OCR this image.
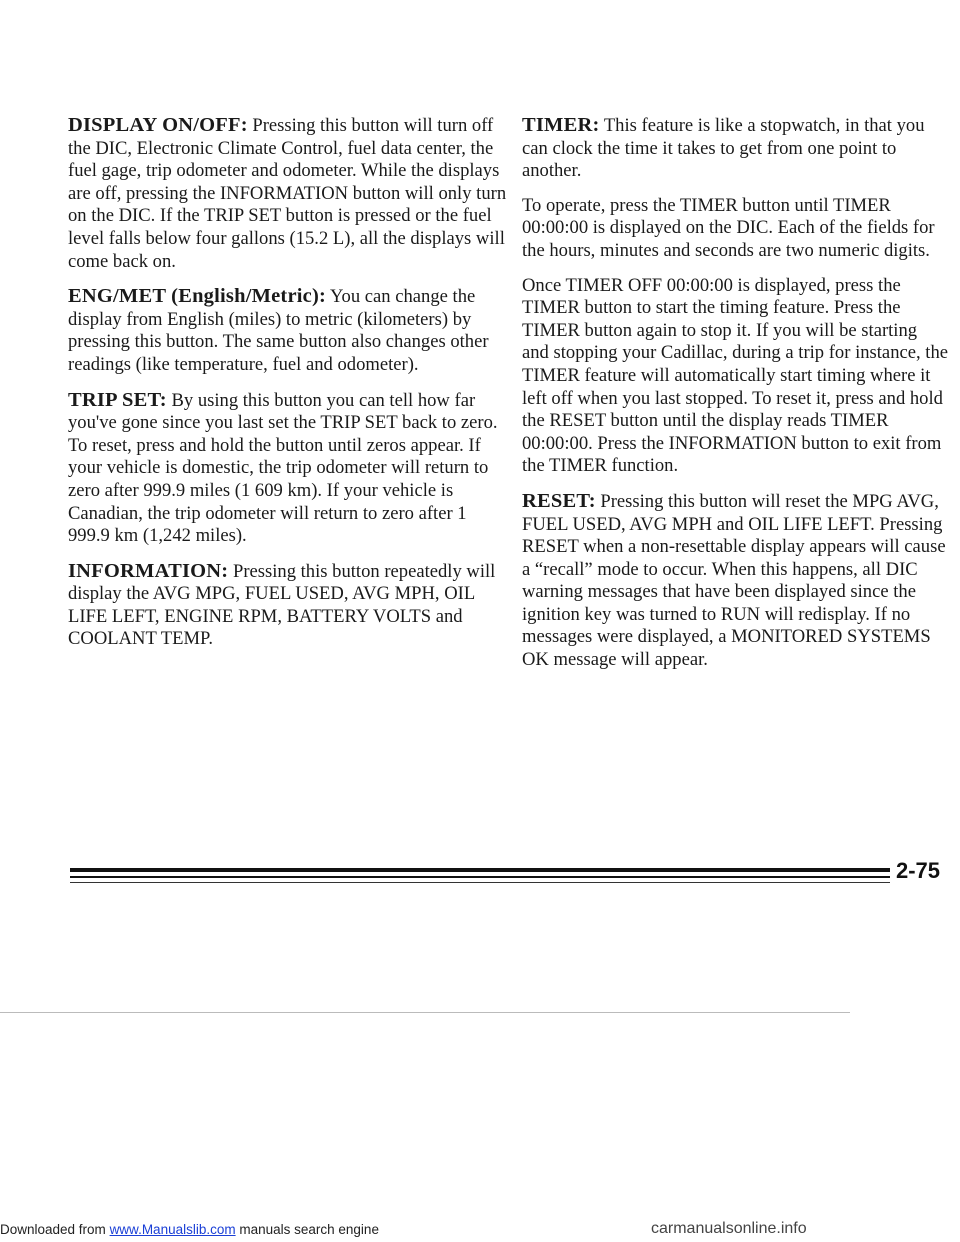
DISPLAY ON/OFF: Pressing this button will turn off the DIC, Electronic Climate Control, fuel data center, the fuel gage, trip odometer and odometer. While the displays are off, pressing the INFORMATION button will only turn on the DIC. If the TRIP SET button is pressed or the fuel level falls below four gallons (15.2 L), all the displays will come back on.

ENG/MET (English/Metric): You can change the display from English (miles) to metric (kilometers) by pressing this button. The same button also changes other readings (like temperature, fuel and odometer).

TRIP SET: By using this button you can tell how far you've gone since you last set the TRIP SET back to zero. To reset, press and hold the button until zeros appear. If your vehicle is domestic, the trip odometer will return to zero after 999.9 miles (1 609 km). If your vehicle is Canadian, the trip odometer will return to zero after 1 999.9 km (1,242 miles).

INFORMATION: Pressing this button repeatedly will display the AVG MPG, FUEL USED, AVG MPH, OIL LIFE LEFT, ENGINE RPM, BATTERY VOLTS and COOLANT TEMP.

TIMER: This feature is like a stopwatch, in that you can clock the time it takes to get from one point to another.

To operate, press the TIMER button until TIMER 00:00:00 is displayed on the DIC. Each of the fields for the hours, minutes and seconds are two numeric digits.

Once TIMER OFF 00:00:00 is displayed, press the TIMER button to start the timing feature. Press the TIMER button again to stop it. If you will be starting and stopping your Cadillac, during a trip for instance, the TIMER feature will automatically start timing where it left off when you last stopped. To reset it, press and hold the RESET button until the display reads TIMER 00:00:00. Press the INFORMATION button to exit from the TIMER function.

RESET: Pressing this button will reset the MPG AVG, FUEL USED, AVG MPH and OIL LIFE LEFT. Pressing RESET when a non-resettable display appears will cause a “recall” mode to occur. When this happens, all DIC warning messages that have been displayed since the ignition key was turned to RUN will redisplay. If no messages were displayed, a MONITORED SYSTEMS OK message will appear.

2-75
Downloaded from www.Manualslib.com manuals search engine	carmanualsonline.info
